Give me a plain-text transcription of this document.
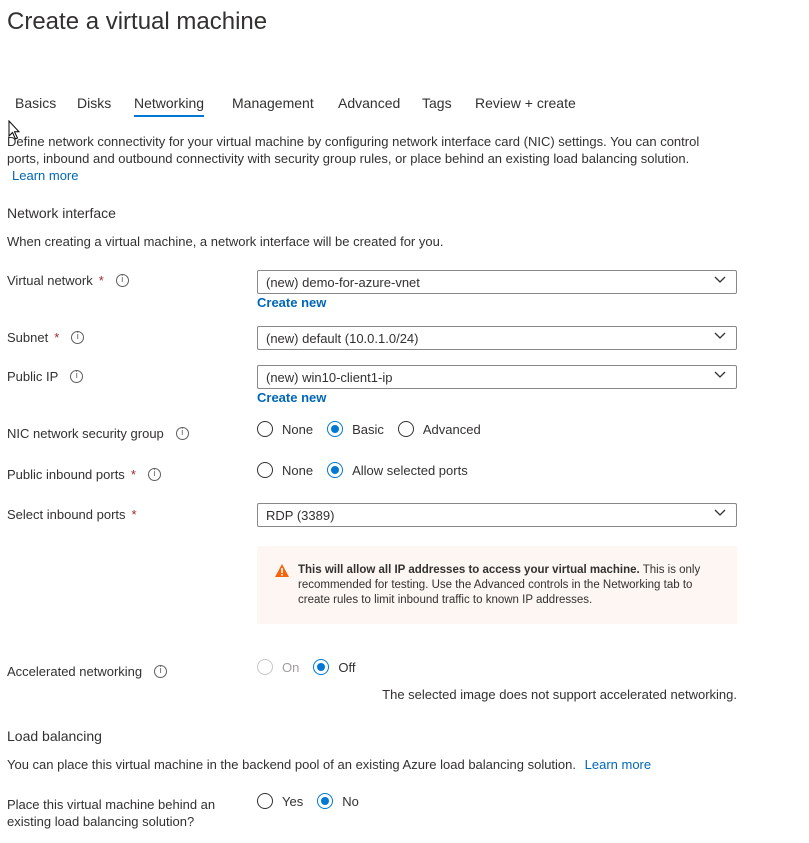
Create a virtual machine
Basics Disks Networking Management Advanced Tags Review + create
Define network connectivity for your virtual machine by configuring network interface card (NIC) settings. You can control ports, inbound and outbound connectivity with security group rules, or place behind an existing load balancing solution.
Learn more
Network interface
When creating a virtual machine, a network interface will be created for you.
Virtual network *	i	(new) demo-for-azure-vnet
Create new
Subnet *	i	(new) default (10.0.1.0/24)
Public IP	i	(new) win10-client1-ip
Create new
NIC network security group	i	None	Basic	Advanced
Public inbound ports *	i	None	Allow selected ports
Select inbound ports *	RDP (3389)
This will allow all IP addresses to access your virtual machine. This is only recommended for testing. Use the Advanced controls in the Networking tab to create rules to limit inbound traffic to known IP addresses.
Accelerated networking	i	On	Off
The selected image does not support accelerated networking.
Load balancing
You can place this virtual machine in the backend pool of an existing Azure load balancing solution. Learn more
Place this virtual machine behind an
existing load balancing solution?
Yes	No
